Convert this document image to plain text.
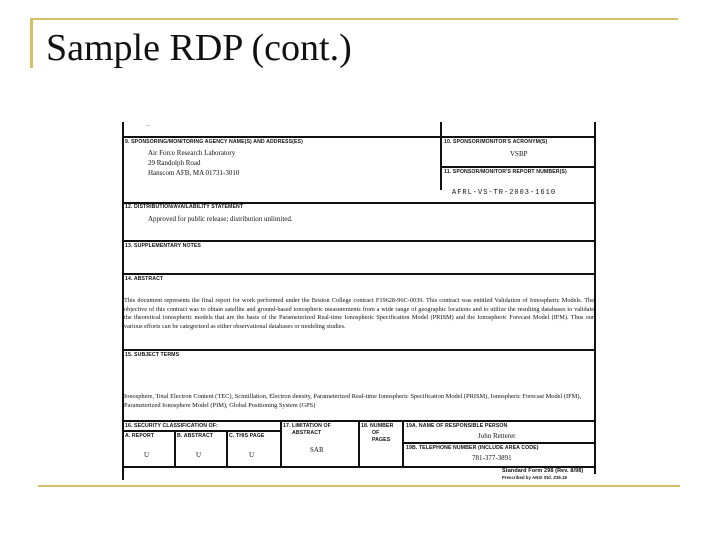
Sample RDP (cont.)
...
9. SPONSORING/MONITORING AGENCY NAME(S) AND ADDRESS(ES)
Air Force Research Laboratory
29 Randolph Road
Hanscom AFB, MA 01731-3010
10. SPONSOR/MONITOR'S ACRONYM(S)
VSBP
11. SPONSOR/MONITOR'S REPORT NUMBER(S)
AFRL-VS-TR-2003-1610
12. DISTRIBUTION/AVAILABILITY STATEMENT
Approved for public release; distribution unlimited.
13. SUPPLEMENTARY NOTES
14. ABSTRACT
This document represents the final report for work performed under the Boston College contract F19628-96C-0039. This contract was entitled Validation of Ionospheric Models. The objective of this contract was to obtain satellite and ground-based ionospheric measurements from a wide range of geographic locations and to utilize the resulting databases to validate the theoretical ionospheric models that are the basis of the Parameterized Real-time Ionospheric Specification Model (PRISM) and the Ionospheric Forecast Model (IFM). Thus our various efforts can be categorized as either observational databases or modeling studies.
15. SUBJECT TERMS
Ionosphere, Total Electron Content (TEC), Scintillation, Electron density, Parameterized Real-time Ionospheric Specification Model (PRISM), Ionospheric Forecast Model (IFM), Parameterized Ionosphere Model (PIM), Global Positioning System (GPS)
16. SECURITY CLASSIFICATION OF:
A. REPORT
U
B. ABSTRACT
U
C. THIS PAGE
U
17. LIMITATION OF
ABSTRACT
SAR
18. NUMBER
OF
PAGES
19A. NAME OF RESPONSIBLE PERSON
John Retterer
19B. TELEPHONE NUMBER (INCLUDE AREA CODE)
781-377-3891
Standard Form 298 (Rev. 8/98)
Prescribed by ANSI Std. Z39.18
